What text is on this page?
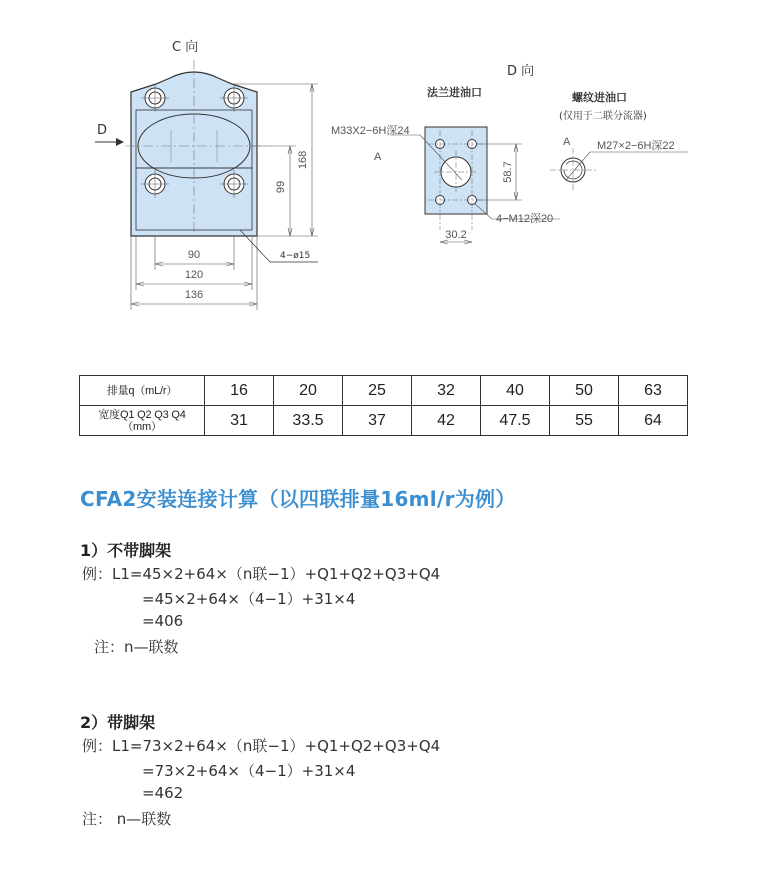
C 向
D
168
99
90
120
136
4−ø15
D 向
法兰进油口	螺纹进油口
(仅用于二联分流器)
M33X2−6H深24
A
58.7
4−M12深20
30.2
M27×2−6H深22
A
排量q（mL/r）	16	20	25	32	40	50	63

宽度Q1 Q2 Q3 Q4
（mm）	31	33.5	37	42	47.5	55	64
CFA2安装连接计算（以四联排量16ml/r为例）
1）不带脚架
例：L1=45×2+64×（n联−1）+Q1+Q2+Q3+Q4
=45×2+64×（4−1）+31×4
=406
注：n—联数
2）带脚架
例：L1=73×2+64×（n联−1）+Q1+Q2+Q3+Q4
=73×2+64×（4−1）+31×4
=462
注： n—联数
